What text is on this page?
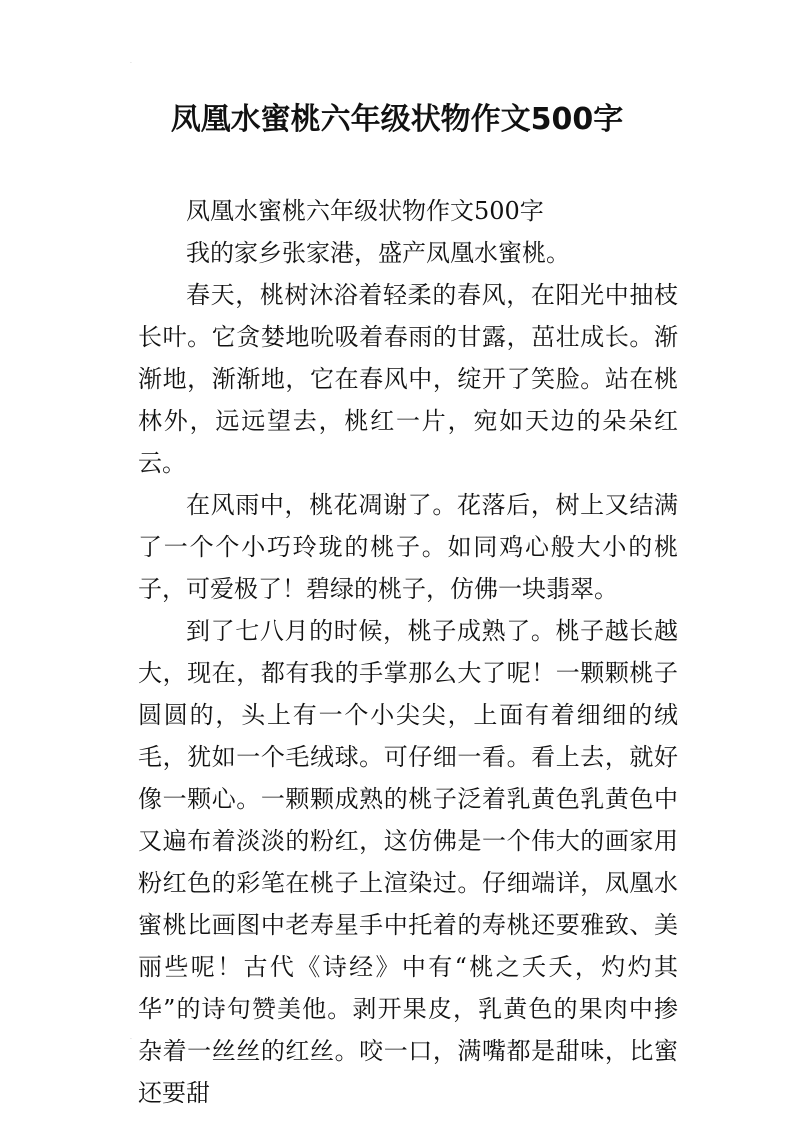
·
凤凰水蜜桃六年级状物作文500字

凤凰水蜜桃六年级状物作文500字

我的家乡张家港，盛产凤凰水蜜桃。

春天，桃树沐浴着轻柔的春风，在阳光中抽枝长叶。它贪婪地吮吸着春雨的甘露，茁壮成长。渐渐地，渐渐地，它在春风中，绽开了笑脸。站在桃林外，远远望去，桃红一片，宛如天边的朵朵红云。

在风雨中，桃花凋谢了。花落后，树上又结满了一个个小巧玲珑的桃子。如同鸡心般大小的桃子，可爱极了！碧绿的桃子，仿佛一块翡翠。

到了七八月的时候，桃子成熟了。桃子越长越大，现在，都有我的手掌那么大了呢！一颗颗桃子圆圆的，头上有一个小尖尖，上面有着细细的绒毛，犹如一个毛绒球。可仔细一看。看上去，就好像一颗心。一颗颗成熟的桃子泛着乳黄色乳黄色中又遍布着淡淡的粉红，这仿佛是一个伟大的画家用粉红色的彩笔在桃子上渲染过。仔细端详，凤凰水蜜桃比画图中老寿星手中托着的寿桃还要雅致、美丽些呢！古代《诗经》中有“桃之夭夭，灼灼其华”的诗句赞美他。剥开果皮，乳黄色的果肉中掺杂着一丝丝的红丝。咬一口，满嘴都是甜味，比蜜还要甜

·
